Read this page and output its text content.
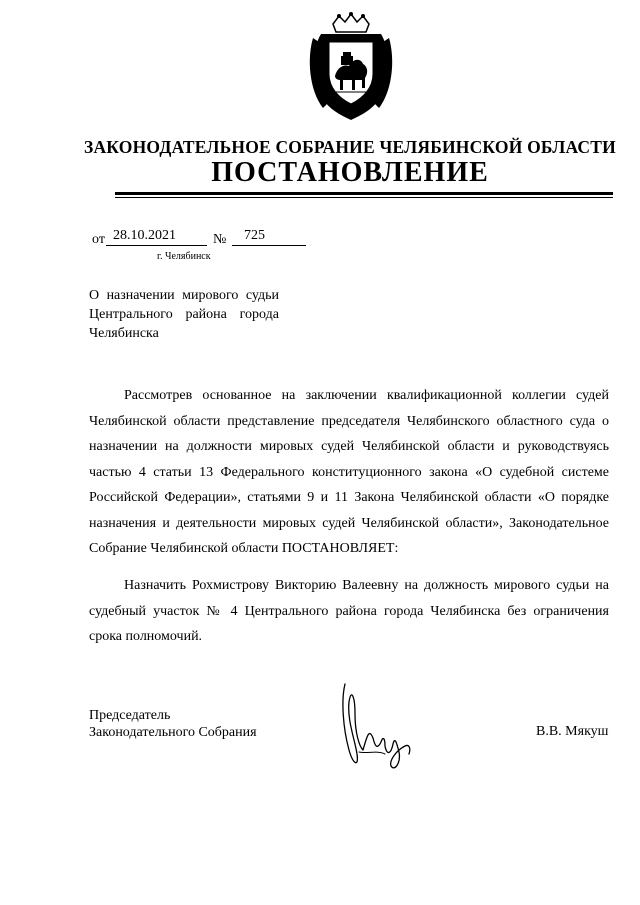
ЗАКОНОДАТЕЛЬНОЕ СОБРАНИЕ ЧЕЛЯБИНСКОЙ ОБЛАСТИ
ПОСТАНОВЛЕНИЕ
от 28.10.2021	№ 725
г. Челябинск
О назначении мирового судьи Центрального района города Челябинска
Рассмотрев основанное на заключении квалификационной коллегии судей Челябинской области представление председателя Челябинского областного суда о назначении на должности мировых судей Челябинской области и руководствуясь частью 4 статьи 13 Федерального конституционного закона «О судебной системе Российской Федерации», статьями 9 и 11 Закона Челябинской области «О порядке назначения и деятельности мировых судей Челябинской области», Законодательное Собрание Челябинской области ПОСТАНОВЛЯЕТ:
Назначить Рохмистрову Викторию Валеевну на должность мирового судьи на судебный участок № 4 Центрального района города Челябинска без ограничения срока полномочий.
Председатель
Законодательного Собрания	В.В. Мякуш
